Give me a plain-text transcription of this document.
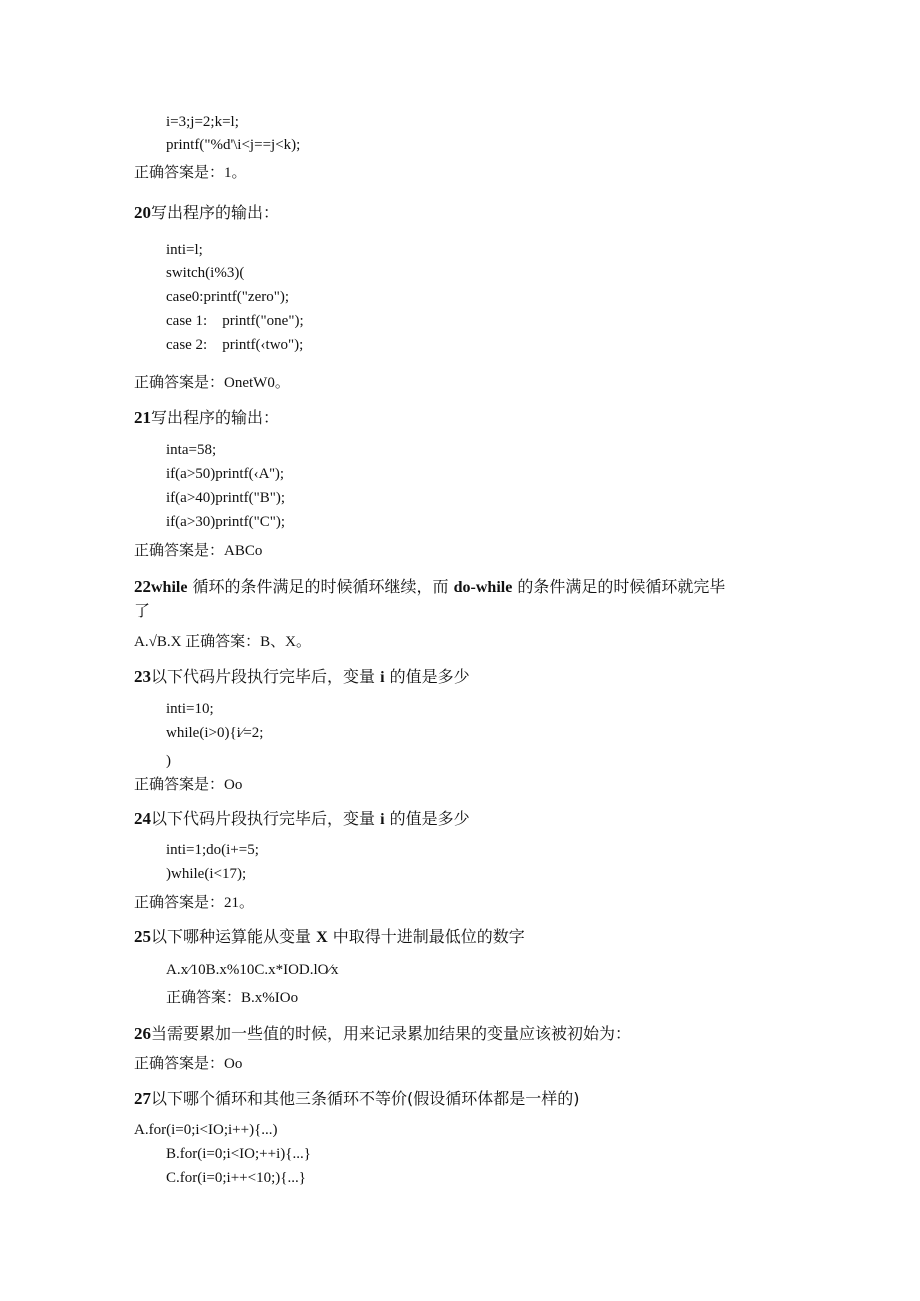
i=3;j=2;k=l;
printf("%d'\i<j==j<k);
正确答案是：1。
20写出程序的输出：
inti=l;
switch(i%3)(
case0:printf("zero");
case 1:    printf("one");
case 2:    printf(‹two");
正确答案是：OnetW0。
21写出程序的输出：
inta=58;
if(a>50)printf(‹A'');
if(a>40)printf("B");
if(a>30)printf("C");
正确答案是：ABCo
22while 循环的条件满足的时候循环继续，而 do-while 的条件满足的时候循环就完毕
了
A.√B.X 正确答案：B、X。
23以下代码片段执行完毕后，变量 i 的值是多少
inti=10;
while(i>0){i⁄=2;
)
正确答案是：Oo
24以下代码片段执行完毕后，变量 i 的值是多少
inti=1;do(i+=5;
)while(i<17);
正确答案是：21。
25以下哪种运算能从变量 X 中取得十进制最低位的数字
A.x⁄10B.x%10C.x*IOD.lO⁄x
正确答案：B.x%IOo
26当需要累加一些值的时候，用来记录累加结果的变量应该被初始为：
正确答案是：Oo
27以下哪个循环和其他三条循环不等价(假设循环体都是一样的)
A.for(i=0;i<IO;i++){...)
B.for(i=0;i<IO;++i){...}
C.for(i=0;i++<10;){...}
